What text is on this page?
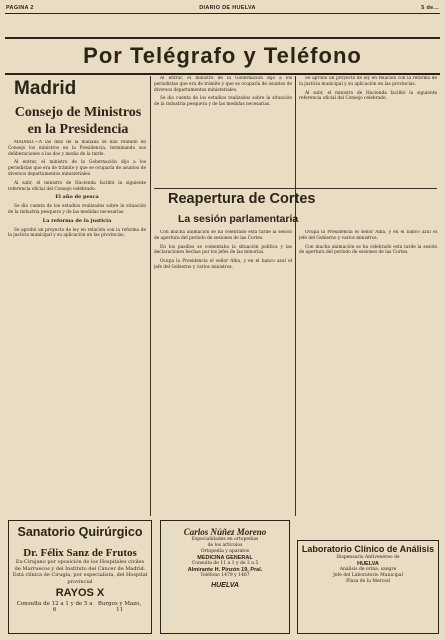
PAGINA 2	DIARIO DE HUELVA	5 de...
Por Telégrafo y Teléfono
Madrid
Consejo de Ministros en la Presidencia

MADRID.—A las diez de la mañana se han reunido en Consejo los ministros en la Presidencia, terminando sus deliberaciones a las dos y media de la tarde.

Al entrar, el ministro de la Gobernación dijo a los periodistas que era de trámite y que se ocuparía de asuntos de diversos departamentos ministeriales.

Al salir, el ministro de Hacienda facilitó la siguiente referencia oficial del Consejo celebrado.

El año de pesca

Se dio cuenta de los estudios realizados sobre la situación de la industria pesquera y de las medidas necesarias.

La reforma de la justicia

Se aprobó un proyecto de ley en relación con la reforma de la justicia municipal y su aplicación en las provincias.

Al entrar, el ministro de la Gobernación dijo a los periodistas que era de trámite y que se ocuparía de asuntos de diversos departamentos ministeriales.

Se dio cuenta de los estudios realizados sobre la situación de la industria pesquera y de las medidas necesarias.

Se aprobó un proyecto de ley en relación con la reforma de la justicia municipal y su aplicación en las provincias.

Al salir, el ministro de Hacienda facilitó la siguiente referencia oficial del Consejo celebrado.

Reapertura de Cortes
La sesión parlamentaria

Con mucha animación se ha celebrado esta tarde la sesión de apertura del período de sesiones de las Cortes.

En los pasillos se comentaba la situación política y las declaraciones hechas por los jefes de las minorías.

Ocupa la Presidencia el señor Alba, y en el banco azul el jefe del Gobierno y varios ministros.

Ocupa la Presidencia el señor Alba, y en el banco azul el jefe del Gobierno y varios ministros.

Con mucha animación se ha celebrado esta tarde la sesión de apertura del período de sesiones de las Cortes.

Sanatorio Quirúrgico
Dr. Félix Sanz de Frutos
Ex-Cirujano por oposición de los Hospitales civiles
de Marruecos y del Instituto del Cáncer de Madrid.
Está clínica de Cirugía, por especialista, del Hospital provincial
RAYOS X
Consulta de 12 a 1 y de 5 a 6
Burgos y Mazo, 11
Carlos Núñez Moreno
Especialidades en ortopedias
de los artículos
Ortopedia y aparatos
MEDICINA GENERAL
Consulta de 11 a 1 y de 3 a 5
Almirante H. Pinzón 19, Pral.
Teléfono 1479 y 1467
HUELVA
Laboratorio Clínico de Análisis
Dispensario Antivenéreo de
HUELVA
Análisis de orina, sangre
Jefe del Laboratorio Municipal
Plaza de la Merced
